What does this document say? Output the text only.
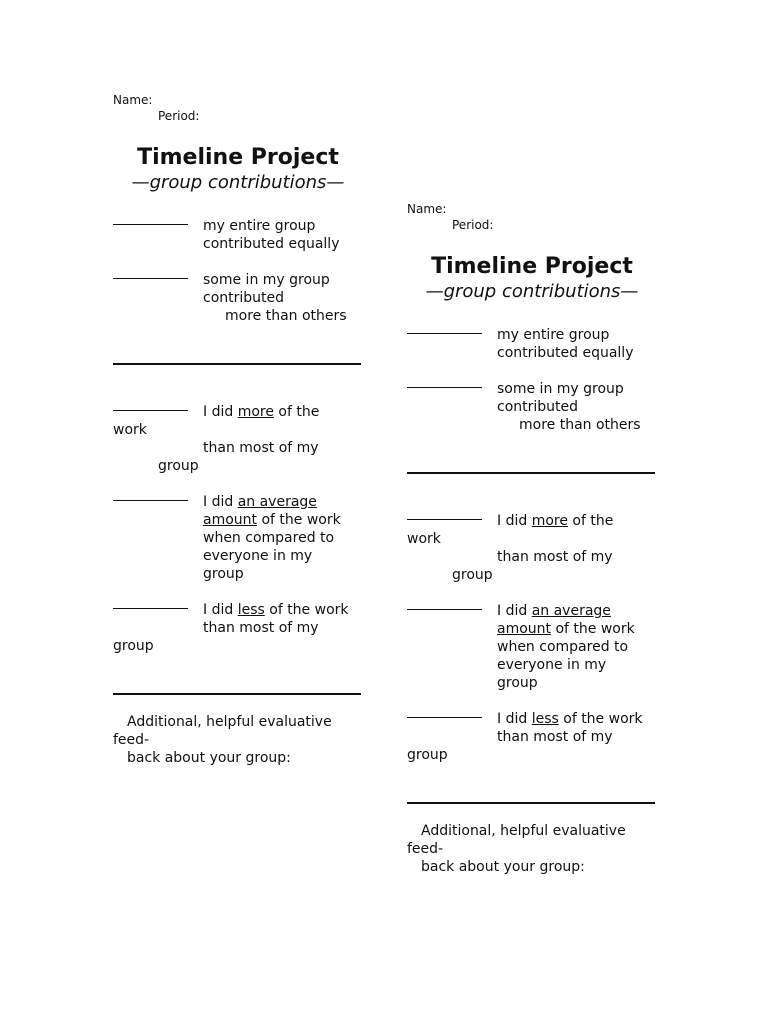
Name:
Period:
Timeline Project
—group contributions—
my entire group
contributed equally
some in my group
contributed
more than others
I did more of the
work
than most of my
group
I did an average
amount of the work
when compared to
everyone in my
group
I did less of the work
than most of my
group
Additional, helpful evaluative
feed-
back about your group:
Name:
Period:
Timeline Project
—group contributions—
my entire group
contributed equally
some in my group
contributed
more than others
I did more of the
work
than most of my
group
I did an average
amount of the work
when compared to
everyone in my
group
I did less of the work
than most of my
group
Additional, helpful evaluative
feed-
back about your group:
